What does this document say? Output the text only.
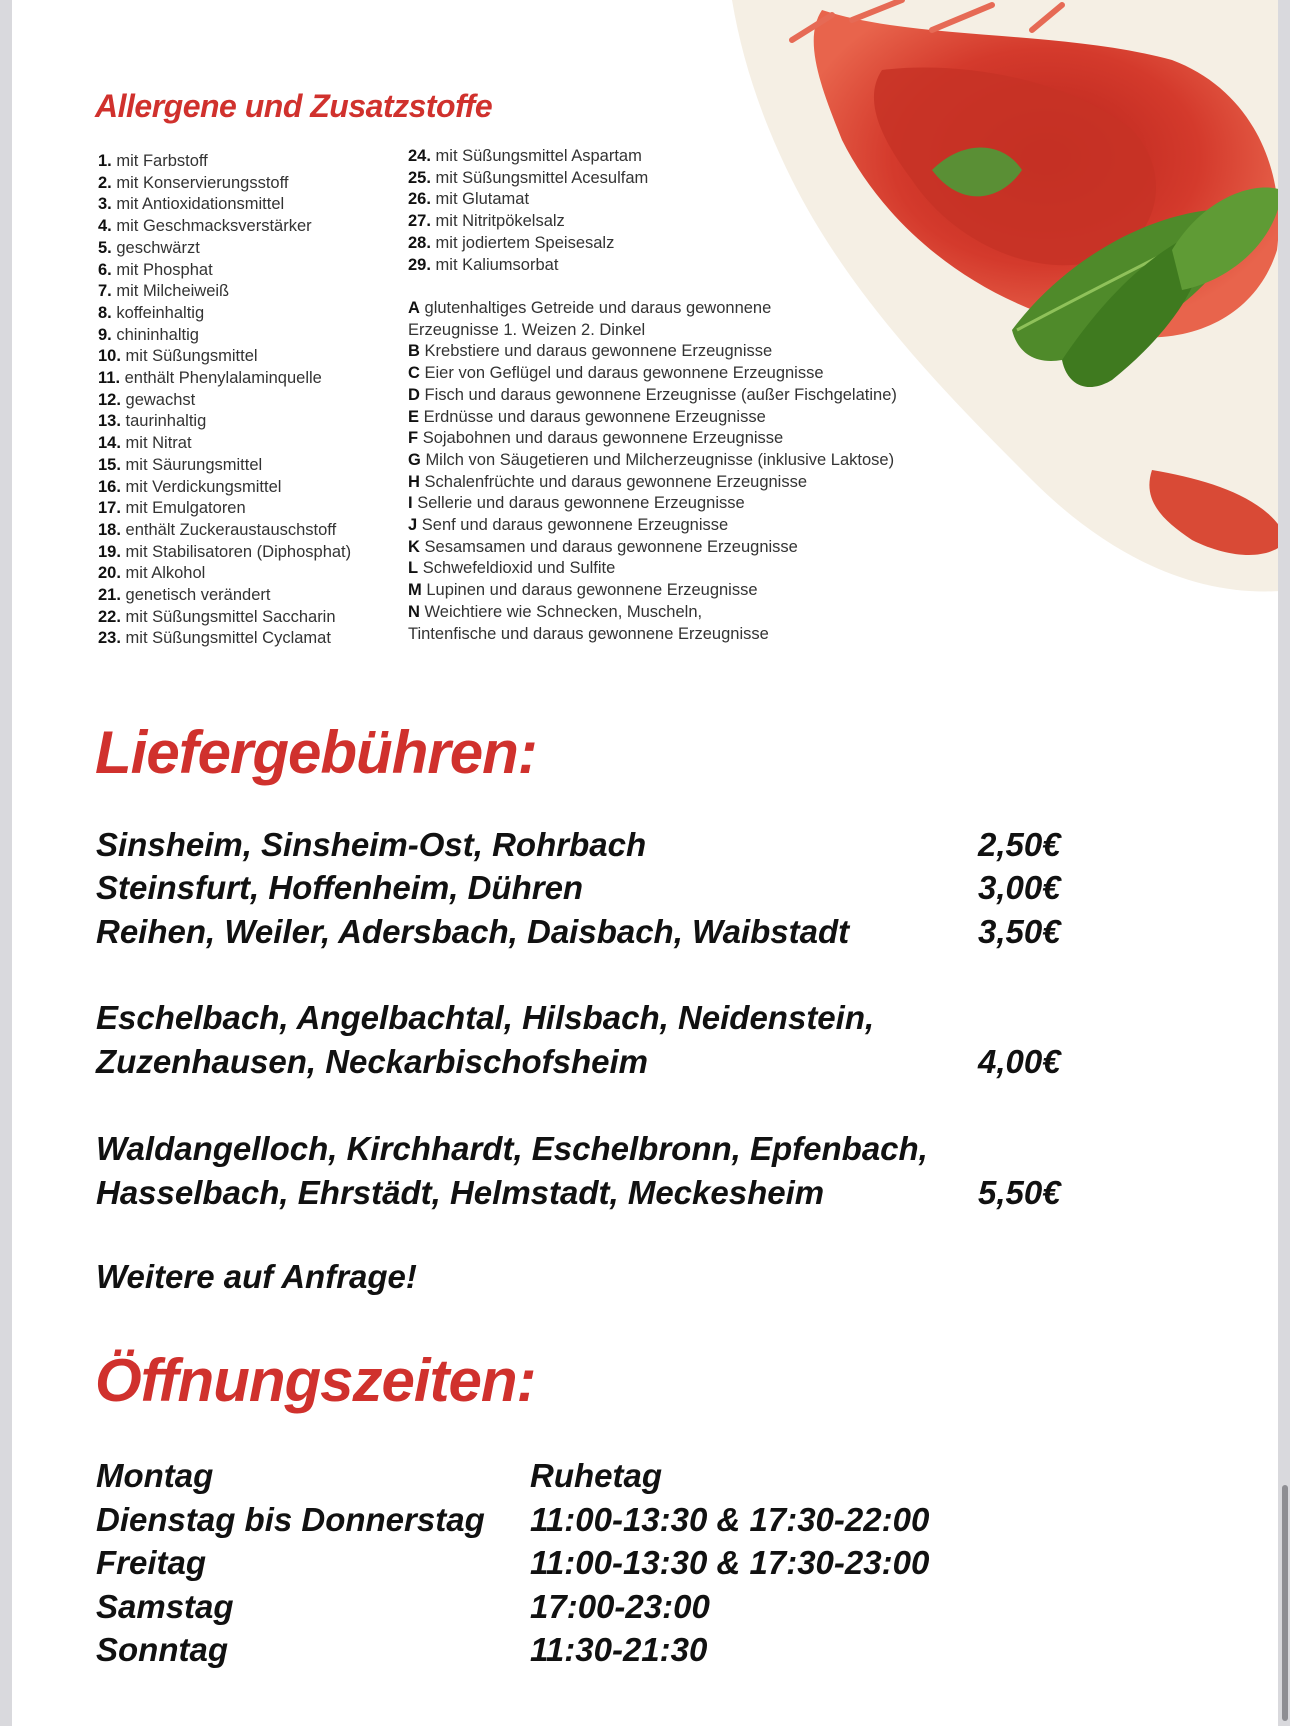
Allergene und Zusatzstoffe
1. mit Farbstoff
2. mit Konservierungsstoff
3. mit Antioxidationsmittel
4. mit Geschmacksverstärker
5. geschwärzt
6. mit Phosphat
7. mit Milcheiweiß
8. koffeinhaltig
9. chininhaltig
10. mit Süßungsmittel
11. enthält Phenylalaminquelle
12. gewachst
13. taurinhaltig
14. mit Nitrat
15. mit Säurungsmittel
16. mit Verdickungsmittel
17. mit Emulgatoren
18. enthält Zuckeraustauschstoff
19. mit Stabilisatoren (Diphosphat)
20. mit Alkohol
21. genetisch verändert
22. mit Süßungsmittel Saccharin
23. mit Süßungsmittel Cyclamat
24. mit Süßungsmittel Aspartam
25. mit Süßungsmittel Acesulfam
26. mit Glutamat
27. mit Nitritpökelsalz
28. mit jodiertem Speisesalz
29. mit Kaliumsorbat
A glutenhaltiges Getreide und daraus gewonnene
Erzeugnisse 1. Weizen 2. Dinkel
B Krebstiere und daraus gewonnene Erzeugnisse
C Eier von Geflügel und daraus gewonnene Erzeugnisse
D Fisch und daraus gewonnene Erzeugnisse (außer Fischgelatine)
E Erdnüsse und daraus gewonnene Erzeugnisse
F Sojabohnen und daraus gewonnene Erzeugnisse
G Milch von Säugetieren und Milcherzeugnisse (inklusive Laktose)
H Schalenfrüchte und daraus gewonnene Erzeugnisse
I Sellerie und daraus gewonnene Erzeugnisse
J Senf und daraus gewonnene Erzeugnisse
K Sesamsamen und daraus gewonnene Erzeugnisse
L Schwefeldioxid und Sulfite
M Lupinen und daraus gewonnene Erzeugnisse
N Weichtiere wie Schnecken, Muscheln,
Tintenfische und daraus gewonnene Erzeugnisse
Liefergebühren:
Sinsheim, Sinsheim-Ost, Rohrbach	2,50€
Steinsfurt, Hoffenheim, Dühren	3,00€
Reihen, Weiler, Adersbach, Daisbach, Waibstadt	3,50€
Eschelbach, Angelbachtal, Hilsbach, Neidenstein,
Zuzenhausen, Neckarbischofsheim	4,00€
Waldangelloch, Kirchhardt, Eschelbronn, Epfenbach,
Hasselbach, Ehrstädt, Helmstadt, Meckesheim	5,50€
Weitere auf Anfrage!
Öffnungszeiten:
Montag	Ruhetag
Dienstag bis Donnerstag 11:00-13:30 & 17:30-22:00
Freitag	11:00-13:30 & 17:30-23:00
Samstag	17:00-23:00
Sonntag	11:30-21:30
